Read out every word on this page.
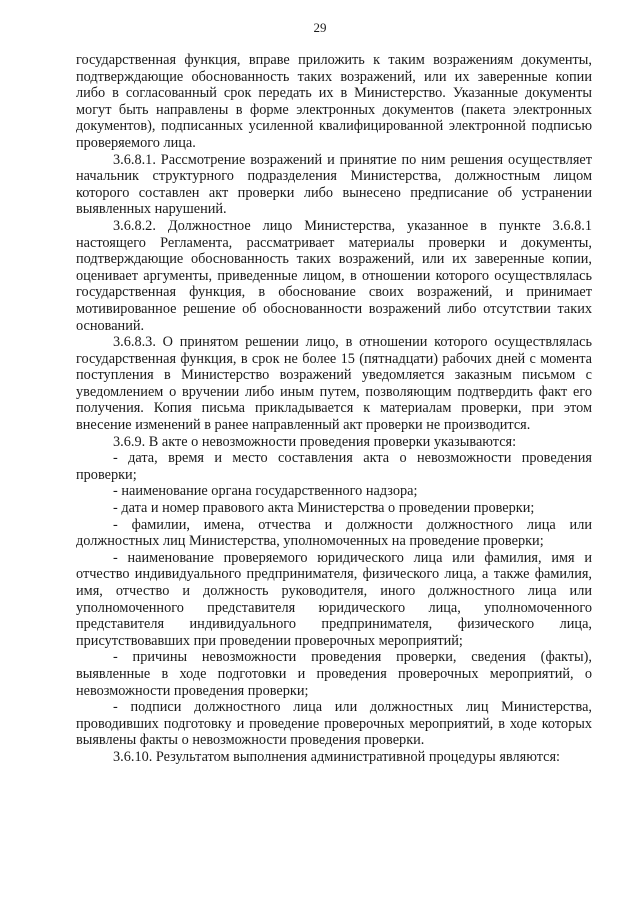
29

государственная функция, вправе приложить к таким возражениям документы, подтверждающие обоснованность таких возражений, или их заверенные копии либо в согласованный срок передать их в Министерство. Указанные документы могут быть направлены в форме электронных документов (пакета электронных документов), подписанных усиленной квалифицированной электронной подписью проверяемого лица.

3.6.8.1. Рассмотрение возражений и принятие по ним решения осуществляет начальник структурного подразделения Министерства, должностным лицом которого составлен акт проверки либо вынесено предписание об устранении выявленных нарушений.

3.6.8.2. Должностное лицо Министерства, указанное в пункте 3.6.8.1 настоящего Регламента, рассматривает материалы проверки и документы, подтверждающие обоснованность таких возражений, или их заверенные копии, оценивает аргументы, приведенные лицом, в отношении которого осуществлялась государственная функция, в обоснование своих возражений, и принимает мотивированное решение об обоснованности возражений либо отсутствии таких оснований.

3.6.8.3. О принятом решении лицо, в отношении которого осуществлялась государственная функция, в срок не более 15 (пятнадцати) рабочих дней с момента поступления в Министерство возражений уведомляется заказным письмом с уведомлением о вручении либо иным путем, позволяющим подтвердить факт его получения. Копия письма прикладывается к материалам проверки, при этом внесение изменений в ранее направленный акт проверки не производится.

3.6.9. В акте о невозможности проведения проверки указываются:

- дата, время и место составления акта о невозможности проведения проверки;

- наименование органа государственного надзора;

- дата и номер правового акта Министерства о проведении проверки;

- фамилии, имена, отчества и должности должностного лица или должностных лиц Министерства, уполномоченных на проведение проверки;

- наименование проверяемого юридического лица или фамилия, имя и отчество индивидуального предпринимателя, физического лица, а также фамилия, имя, отчество и должность руководителя, иного должностного лица или уполномоченного представителя юридического лица, уполномоченного представителя индивидуального предпринимателя, физического лица, присутствовавших при проведении проверочных мероприятий;

- причины невозможности проведения проверки, сведения (факты), выявленные в ходе подготовки и проведения проверочных мероприятий, о невозможности проведения проверки;

- подписи должностного лица или должностных лиц Министерства, проводивших подготовку и проведение проверочных мероприятий, в ходе которых выявлены факты о невозможности проведения проверки.

3.6.10. Результатом выполнения административной процедуры являются:
